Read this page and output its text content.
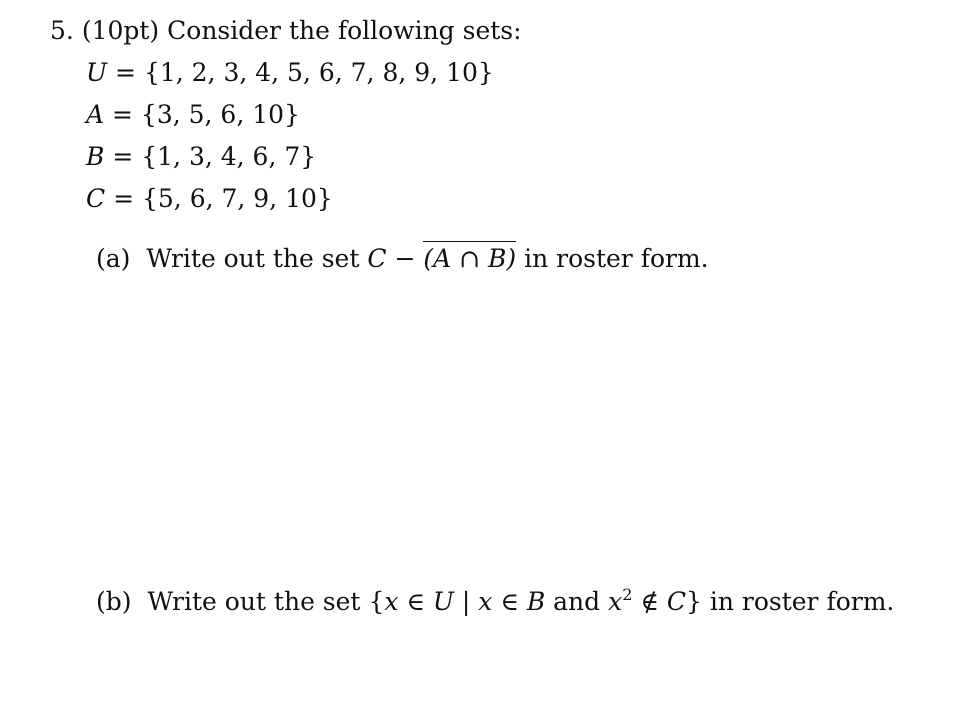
5. (10pt) Consider the following sets:
U = {1, 2, 3, 4, 5, 6, 7, 8, 9, 10}
A = {3, 5, 6, 10}
B = {1, 3, 4, 6, 7}
C = {5, 6, 7, 9, 10}
(a) Write out the set C − (A ∩ B) in roster form.
(b) Write out the set {x ∈ U | x ∈ B and $x^2$ ∉ C} in roster form.
